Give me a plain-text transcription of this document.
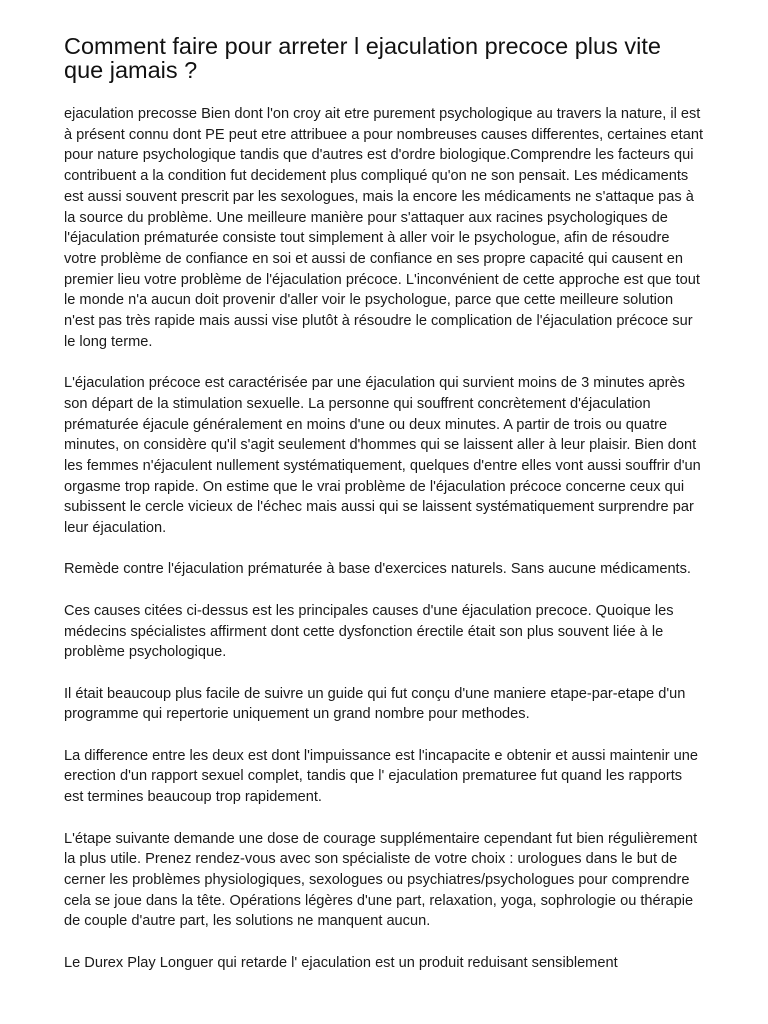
Comment faire pour arreter l ejaculation precoce plus vite que jamais ?

ejaculation precosse Bien dont l'on croy ait etre purement psychologique au travers la nature, il est à présent connu dont PE peut etre attribuee a pour nombreuses causes differentes, certaines etant pour nature psychologique tandis que d'autres est d'ordre biologique.Comprendre les facteurs qui contribuent a la condition fut decidement plus compliqué qu'on ne son pensait. Les médicaments est aussi souvent prescrit par les sexologues, mais la encore les médicaments ne s'attaque pas à la source du problème. Une meilleure manière pour s'attaquer aux racines psychologiques de l'éjaculation prématurée consiste tout simplement à aller voir le psychologue, afin de résoudre votre problème de confiance en soi et aussi de confiance en ses propre capacité qui causent en premier lieu votre problème de l'éjaculation précoce. L'inconvénient de cette approche est que tout le monde n'a aucun doit provenir d'aller voir le psychologue, parce que cette meilleure solution n'est pas très rapide mais aussi vise plutôt à résoudre le complication de l'éjaculation précoce sur le long terme.

L'éjaculation précoce est caractérisée par une éjaculation qui survient moins de 3 minutes après son départ de la stimulation sexuelle. La personne qui souffrent concrètement d'éjaculation prématurée éjacule généralement en moins d'une ou deux minutes. A partir de trois ou quatre minutes, on considère qu'il s'agit seulement d'hommes qui se laissent aller à leur plaisir. Bien dont les femmes n'éjaculent nullement systématiquement, quelques d'entre elles vont aussi souffrir d'un orgasme trop rapide. On estime que le vrai problème de l'éjaculation précoce concerne ceux qui subissent le cercle vicieux de l'échec mais aussi qui se laissent systématiquement surprendre par leur éjaculation.

Remède contre l'éjaculation prématurée à base d'exercices naturels. Sans aucune médicaments.

Ces causes citées ci-dessus est les principales causes d'une éjaculation precoce. Quoique les médecins spécialistes affirment dont cette dysfonction érectile était son plus souvent liée à le problème psychologique.

Il était beaucoup plus facile de suivre un guide qui fut conçu d'une maniere etape-par-etape d'un programme qui repertorie uniquement un grand nombre pour methodes.

La difference entre les deux est dont l'impuissance est l'incapacite e obtenir et aussi maintenir une erection d'un rapport sexuel complet, tandis que l' ejaculation prematuree fut quand les rapports est termines beaucoup trop rapidement.

L'étape suivante demande une dose de courage supplémentaire cependant fut bien régulièrement la plus utile. Prenez rendez-vous avec son spécialiste de votre choix : urologues dans le but de cerner les problèmes physiologiques, sexologues ou psychiatres/psychologues pour comprendre cela se joue dans la tête. Opérations légères d'une part, relaxation, yoga, sophrologie ou thérapie de couple d'autre part, les solutions ne manquent aucun.

Le Durex Play Longuer qui retarde l' ejaculation est un produit reduisant sensiblement
